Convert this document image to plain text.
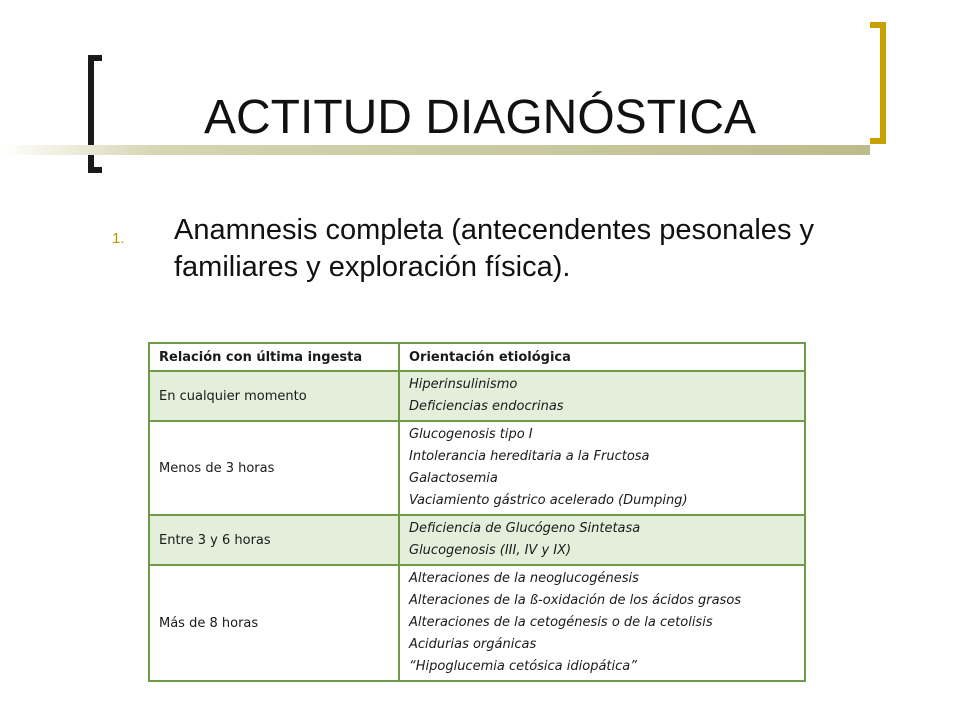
ACTITUD DIAGNÓSTICA
1. Anamnesis completa (antecendentes pesonales y familiares y exploración física).
Relación con última ingesta	Orientación etiológica
En cualquier momento	Hiperinsulinismo
Deficiencias endocrinas

Menos de 3 horas	Glucogenosis tipo I
Intolerancia hereditaria a la Fructosa
Galactosemia
Vaciamiento gástrico acelerado (Dumping)

Entre 3 y 6 horas	Deficiencia de Glucógeno Sintetasa
Glucogenosis (III, IV y IX)

Más de 8 horas	Alteraciones de la neoglucogénesis
Alteraciones de la ß-oxidación de los ácidos grasos
Alteraciones de la cetogénesis o de la cetolisis
Acidurias orgánicas
“Hipoglucemia cetósica idiopática”
